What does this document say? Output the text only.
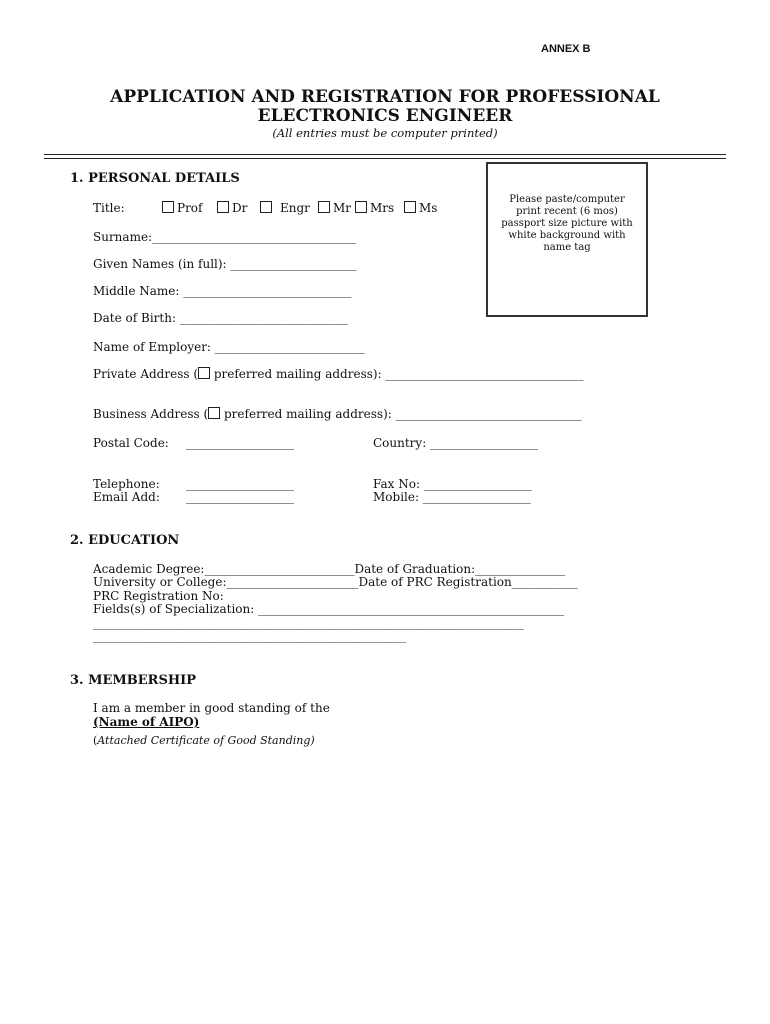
ANNEX B
APPLICATION AND REGISTRATION FOR PROFESSIONAL
ELECTRONICS ENGINEER
(All entries must be computer printed)
Please paste/computer print recent (6 mos) passport size picture with white background with name tag
1. PERSONAL DETAILS
Title:	Prof	Dr	Engr	Mr	Mrs	Ms
Surname:__________________________________
Given Names (in full): _____________________
Middle Name: ____________________________
Date of Birth: ____________________________
Name of Employer: _________________________
Private Address ( preferred mailing address): _________________________________
Business Address ( preferred mailing address): _______________________________
Postal Code: __________________	Country: __________________
Telephone: __________________	Fax No: __________________
Email Add: __________________	Mobile: __________________
2. EDUCATION
Academic Degree:_________________________Date of Graduation:_______________
University or College:______________________Date of PRC Registration___________
PRC Registration No:
Fields(s) of Specialization: ___________________________________________________
_____________________________________________________________________________
________________________________________________________
3. MEMBERSHIP
I am a member in good standing of the
(Name of AIPO)
(Attached Certificate of Good Standing)
